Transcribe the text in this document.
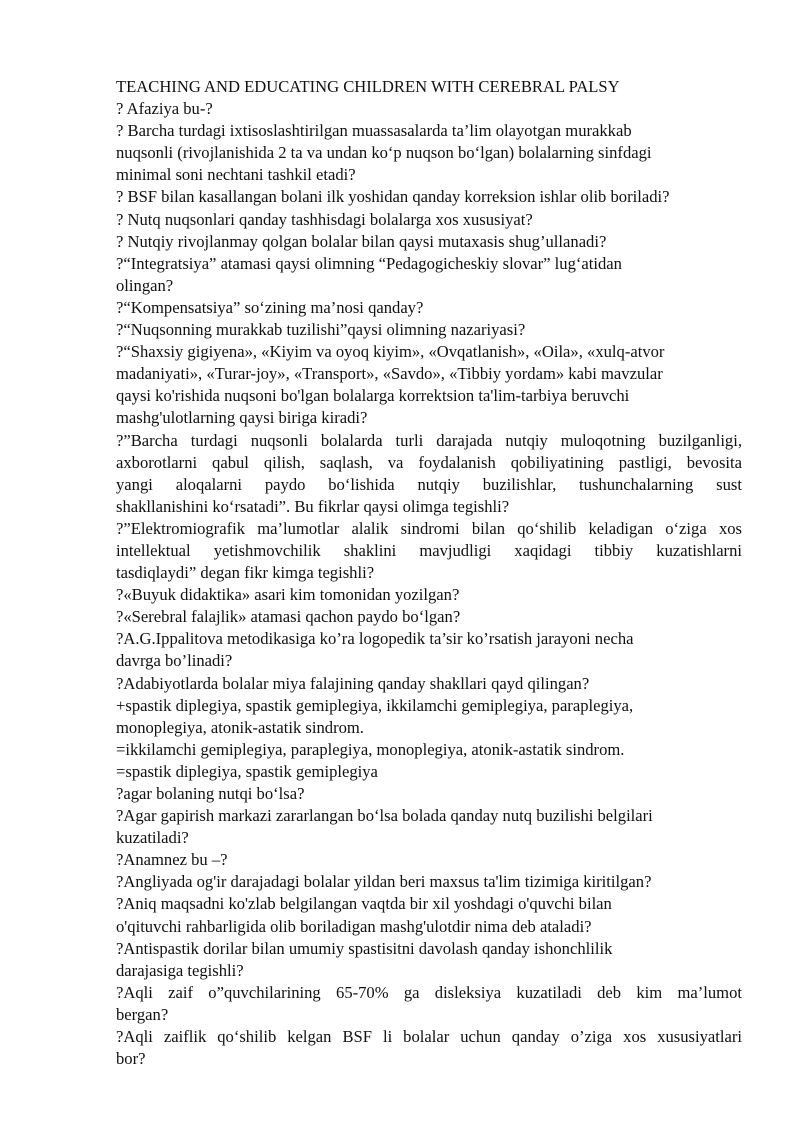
TEACHING AND EDUCATING CHILDREN WITH CEREBRAL PALSY
? Afaziya bu-?
? Barcha turdagi ixtisoslashtirilgan muassasalarda ta’lim olayotgan murakkab
nuqsonli (rivojlanishida 2 ta va undan koʻp nuqson boʻlgan) bolalarning sinfdagi
minimal soni nechtani tashkil etadi?
? BSF bilan kasallangan bolani ilk yoshidan qanday korreksion ishlar olib boriladi?
? Nutq nuqsonlari qanday tashhisdagi bolalarga xos xususiyat?
? Nutqiy rivojlanmay qolgan bolalar bilan qaysi mutaxasis shug’ullanadi?
?“Integratsiya” atamasi qaysi olimning “Pedagogicheskiy slovar” lugʻatidan
olingan?
?“Kompensatsiya” soʻzining ma’nosi qanday?
?“Nuqsonning murakkab tuzilishi”qaysi olimning nazariyasi?
?“Shaxsiy gigiyena», «Kiyim va oyoq kiyim», «Ovqatlanish», «Oila», «xulq-atvor
madaniyati», «Turar-joy», «Transport», «Savdo», «Tibbiy yordam» kabi mavzular
qaysi ko'rishida nuqsoni bo'lgan bolalarga korrektsion ta'lim-tarbiya beruvchi
mashg'ulotlarning qaysi biriga kiradi?
?”Barcha turdagi nuqsonli bolalarda turli darajada nutqiy muloqotning buzilganligi,
axborotlarni qabul qilish, saqlash, va foydalanish qobiliyatining pastligi, bevosita
yangi aloqalarni paydo boʻlishida nutqiy buzilishlar, tushunchalarning sust
shakllanishini koʻrsatadi”. Bu fikrlar qaysi olimga tegishli?
?”Elektromiografik ma’lumotlar alalik sindromi bilan qoʻshilib keladigan oʻziga xos
intellektual yetishmovchilik shaklini mavjudligi xaqidagi tibbiy kuzatishlarni
tasdiqlaydi” degan fikr kimga tegishli?
?«Buyuk didaktika» asari kim tomonidan yozilgan?
?«Serebral falajlik» atamasi qachon paydo boʻlgan?
?A.G.Ippalitova metodikasiga ko’ra logopedik ta’sir ko’rsatish jarayoni necha
davrga bo’linadi?
?Adabiyotlarda bolalar miya falajining qanday shakllari qayd qilingan?
+spastik diplegiya, spastik gemiplegiya, ikkilamchi gemiplegiya, paraplegiya,
monoplegiya, atonik-astatik sindrom.
=ikkilamchi gemiplegiya, paraplegiya, monoplegiya, atonik-astatik sindrom.
=spastik diplegiya, spastik gemiplegiya
?agar bolaning nutqi boʻlsa?
?Agar gapirish markazi zararlangan boʻlsa bolada qanday nutq buzilishi belgilari
kuzatiladi?
?Anamnez bu –?
?Angliyada og'ir darajadagi bolalar yildan beri maxsus ta'lim tizimiga kiritilgan?
?Aniq maqsadni ko'zlab belgilangan vaqtda bir xil yoshdagi o'quvchi bilan
o'qituvchi rahbarligida olib boriladigan mashg'ulotdir nima deb ataladi?
?Antispastik dorilar bilan umumiy spastisitni davolash qanday ishonchlilik
darajasiga tegishli?
?Aqli zaif o”quvchilarining 65-70% ga disleksiya kuzatiladi deb kim ma’lumot
bergan?
?Aqli zaiflik qoʻshilib kelgan BSF li bolalar uchun qanday o’ziga xos xususiyatlari
bor?
